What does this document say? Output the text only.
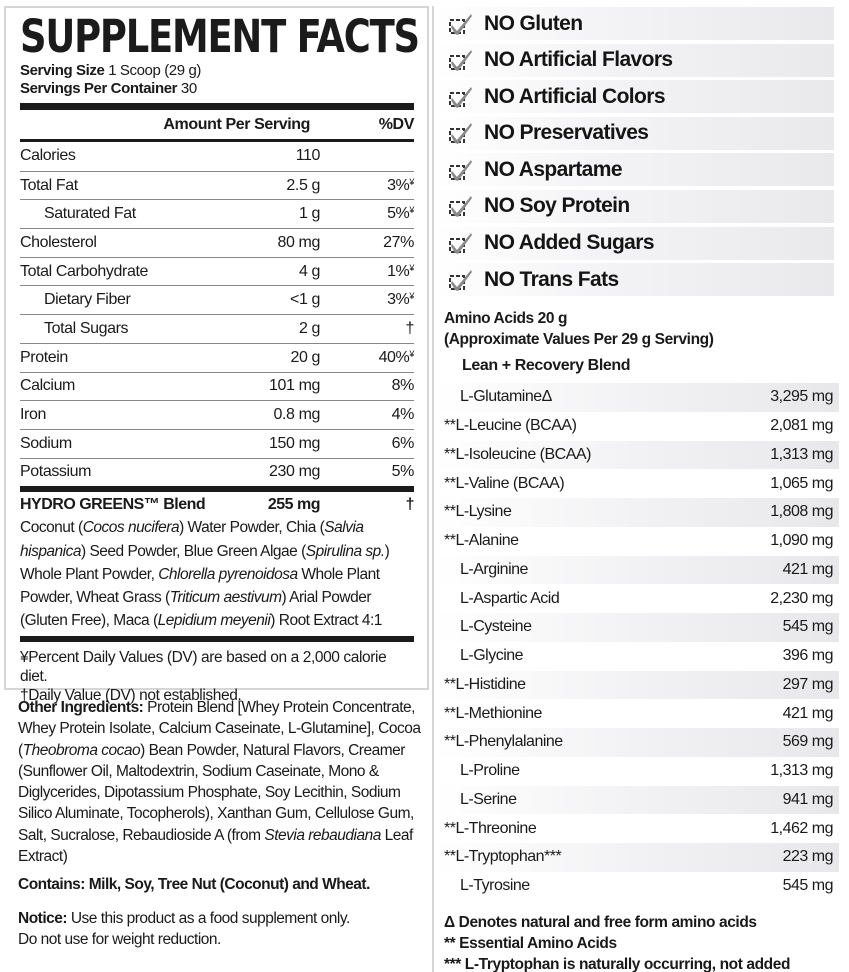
SUPPLEMENT FACTS
Serving Size 1 Scoop (29 g)
Servings Per Container 30
Amount Per Serving	%DV
Calories	110
Total Fat	2.5 g	3%¥
Saturated Fat	1 g	5%¥
Cholesterol	80 mg	27%
Total Carbohydrate	4 g	1%¥
Dietary Fiber	<1 g	3%¥
Total Sugars	2 g	†
Protein	20 g	40%¥
Calcium	101 mg	8%
Iron	0.8 mg	4%
Sodium	150 mg	6%
Potassium	230 mg	5%
HYDRO GREENS™ Blend	255 mg	†
Coconut (Cocos nucifera) Water Powder, Chia (Salvia hispanica) Seed Powder, Blue Green Algae (Spirulina sp.) Whole Plant Powder, Chlorella pyrenoidosa Whole Plant Powder, Wheat Grass (Triticum aestivum) Arial Powder (Gluten Free), Maca (Lepidium meyenii) Root Extract 4:1
¥Percent Daily Values (DV) are based on a 2,000 calorie diet.
†Daily Value (DV) not established.
Other Ingredients: Protein Blend [Whey Protein Concentrate, Whey Protein Isolate, Calcium Caseinate, L-Glutamine], Cocoa (Theobroma cocao) Bean Powder, Natural Flavors, Creamer (Sunflower Oil, Maltodextrin, Sodium Caseinate, Mono & Diglycerides, Dipotassium Phosphate, Soy Lecithin, Sodium Silico Aluminate, Tocopherols), Xanthan Gum, Cellulose Gum, Salt, Sucralose, Rebaudioside A (from Stevia rebaudiana Leaf Extract)
Contains: Milk, Soy, Tree Nut (Coconut) and Wheat.
Notice: Use this product as a food supplement only.
Do not use for weight reduction.
NO Gluten
NO Artificial Flavors
NO Artificial Colors
NO Preservatives
NO Aspartame
NO Soy Protein
NO Added Sugars
NO Trans Fats
Amino Acids 20 g
(Approximate Values Per 29 g Serving)
Lean + Recovery Blend
L-GlutamineΔ	3,295 mg
**L-Leucine (BCAA)	2,081 mg
**L-Isoleucine (BCAA)	1,313 mg
**L-Valine (BCAA)	1,065 mg
**L-Lysine	1,808 mg
**L-Alanine	1,090 mg
L-Arginine	421 mg
L-Aspartic Acid	2,230 mg
L-Cysteine	545 mg
L-Glycine	396 mg
**L-Histidine	297 mg
**L-Methionine	421 mg
**L-Phenylalanine	569 mg
L-Proline	1,313 mg
L-Serine	941 mg
**L-Threonine	1,462 mg
**L-Tryptophan***	223 mg
L-Tyrosine	545 mg
Δ Denotes natural and free form amino acids
** Essential Amino Acids
*** L-Tryptophan is naturally occurring, not added
